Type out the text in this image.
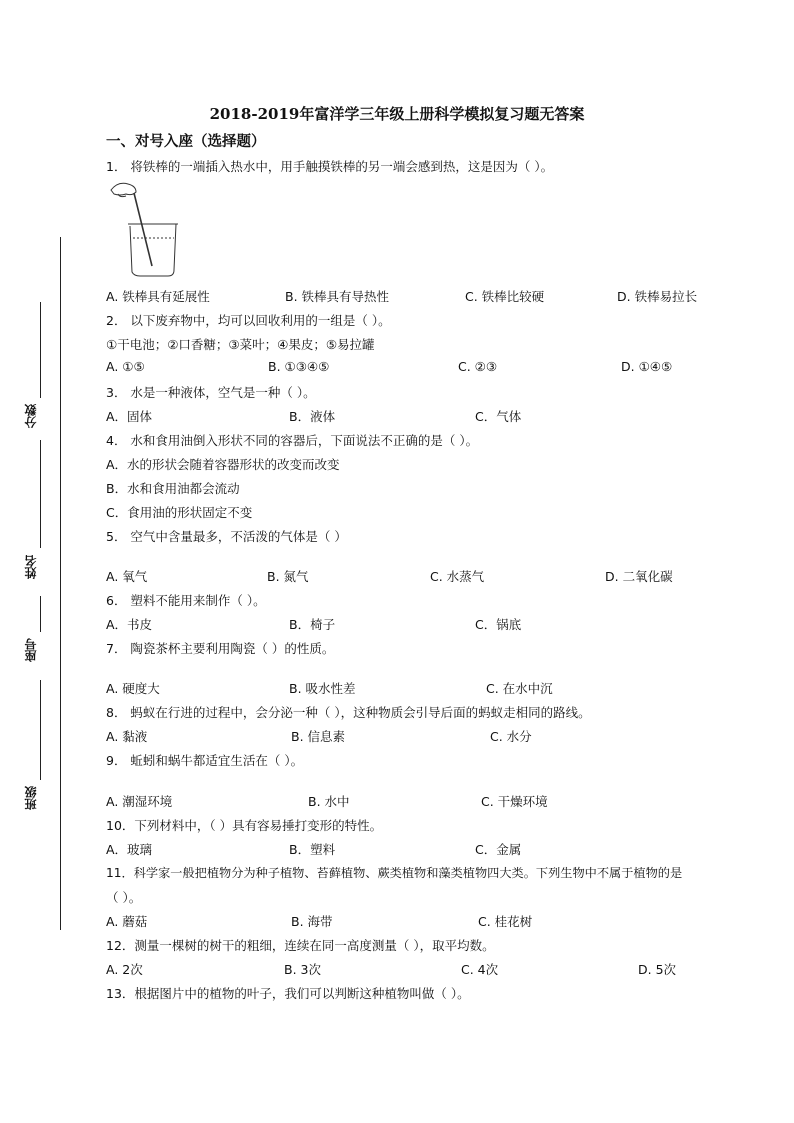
分数
姓名
座号
班级
2018-2019年富洋学三年级上册科学模拟复习题无答案
一、对号入座（选择题）
1． 将铁棒的一端插入热水中，用手触摸铁棒的另一端会感到热，这是因为（ ）。
A. 铁棒具有延展性	B. 铁棒具有导热性	C. 铁棒比较硬	D. 铁棒易拉长
2． 以下废弃物中，均可以回收利用的一组是（ ）。
①干电池；②口香糖；③菜叶；④果皮；⑤易拉罐
A. ①⑤	B. ①③④⑤	C. ②③	D. ①④⑤
3． 水是一种液体，空气是一种（ ）。
A．固体	B．液体	C．气体
4． 水和食用油倒入形状不同的容器后，下面说法不正确的是（ ）。
A．水的形状会随着容器形状的改变而改变
B．水和食用油都会流动
C．食用油的形状固定不变
5． 空气中含量最多，不活泼的气体是（ ）
A. 氧气	B. 氮气	C. 水蒸气	D. 二氧化碳
6． 塑料不能用来制作（ ）。
A．书皮	B．椅子	C．锅底
7． 陶瓷茶杯主要利用陶瓷（ ）的性质。
A. 硬度大	B. 吸水性差	C. 在水中沉
8． 蚂蚁在行进的过程中，会分泌一种（ ），这种物质会引导后面的蚂蚁走相同的路线。
A. 黏液	B. 信息素	C. 水分
9． 蚯蚓和蜗牛都适宜生活在（ ）。
A. 潮湿环境	B. 水中	C. 干燥环境
10．下列材料中，（ ）具有容易捶打变形的特性。
A．玻璃	B．塑料	C．金属
11．科学家一般把植物分为种子植物、苔藓植物、蕨类植物和藻类植物四大类。下列生物中不属于植物的是
（ ）。
A. 蘑菇	B. 海带	C. 桂花树
12．测量一棵树的树干的粗细，连续在同一高度测量（ ），取平均数。
A. 2次	B. 3次	C. 4次	D. 5次
13．根据图片中的植物的叶子，我们可以判断这种植物叫做（ ）。
